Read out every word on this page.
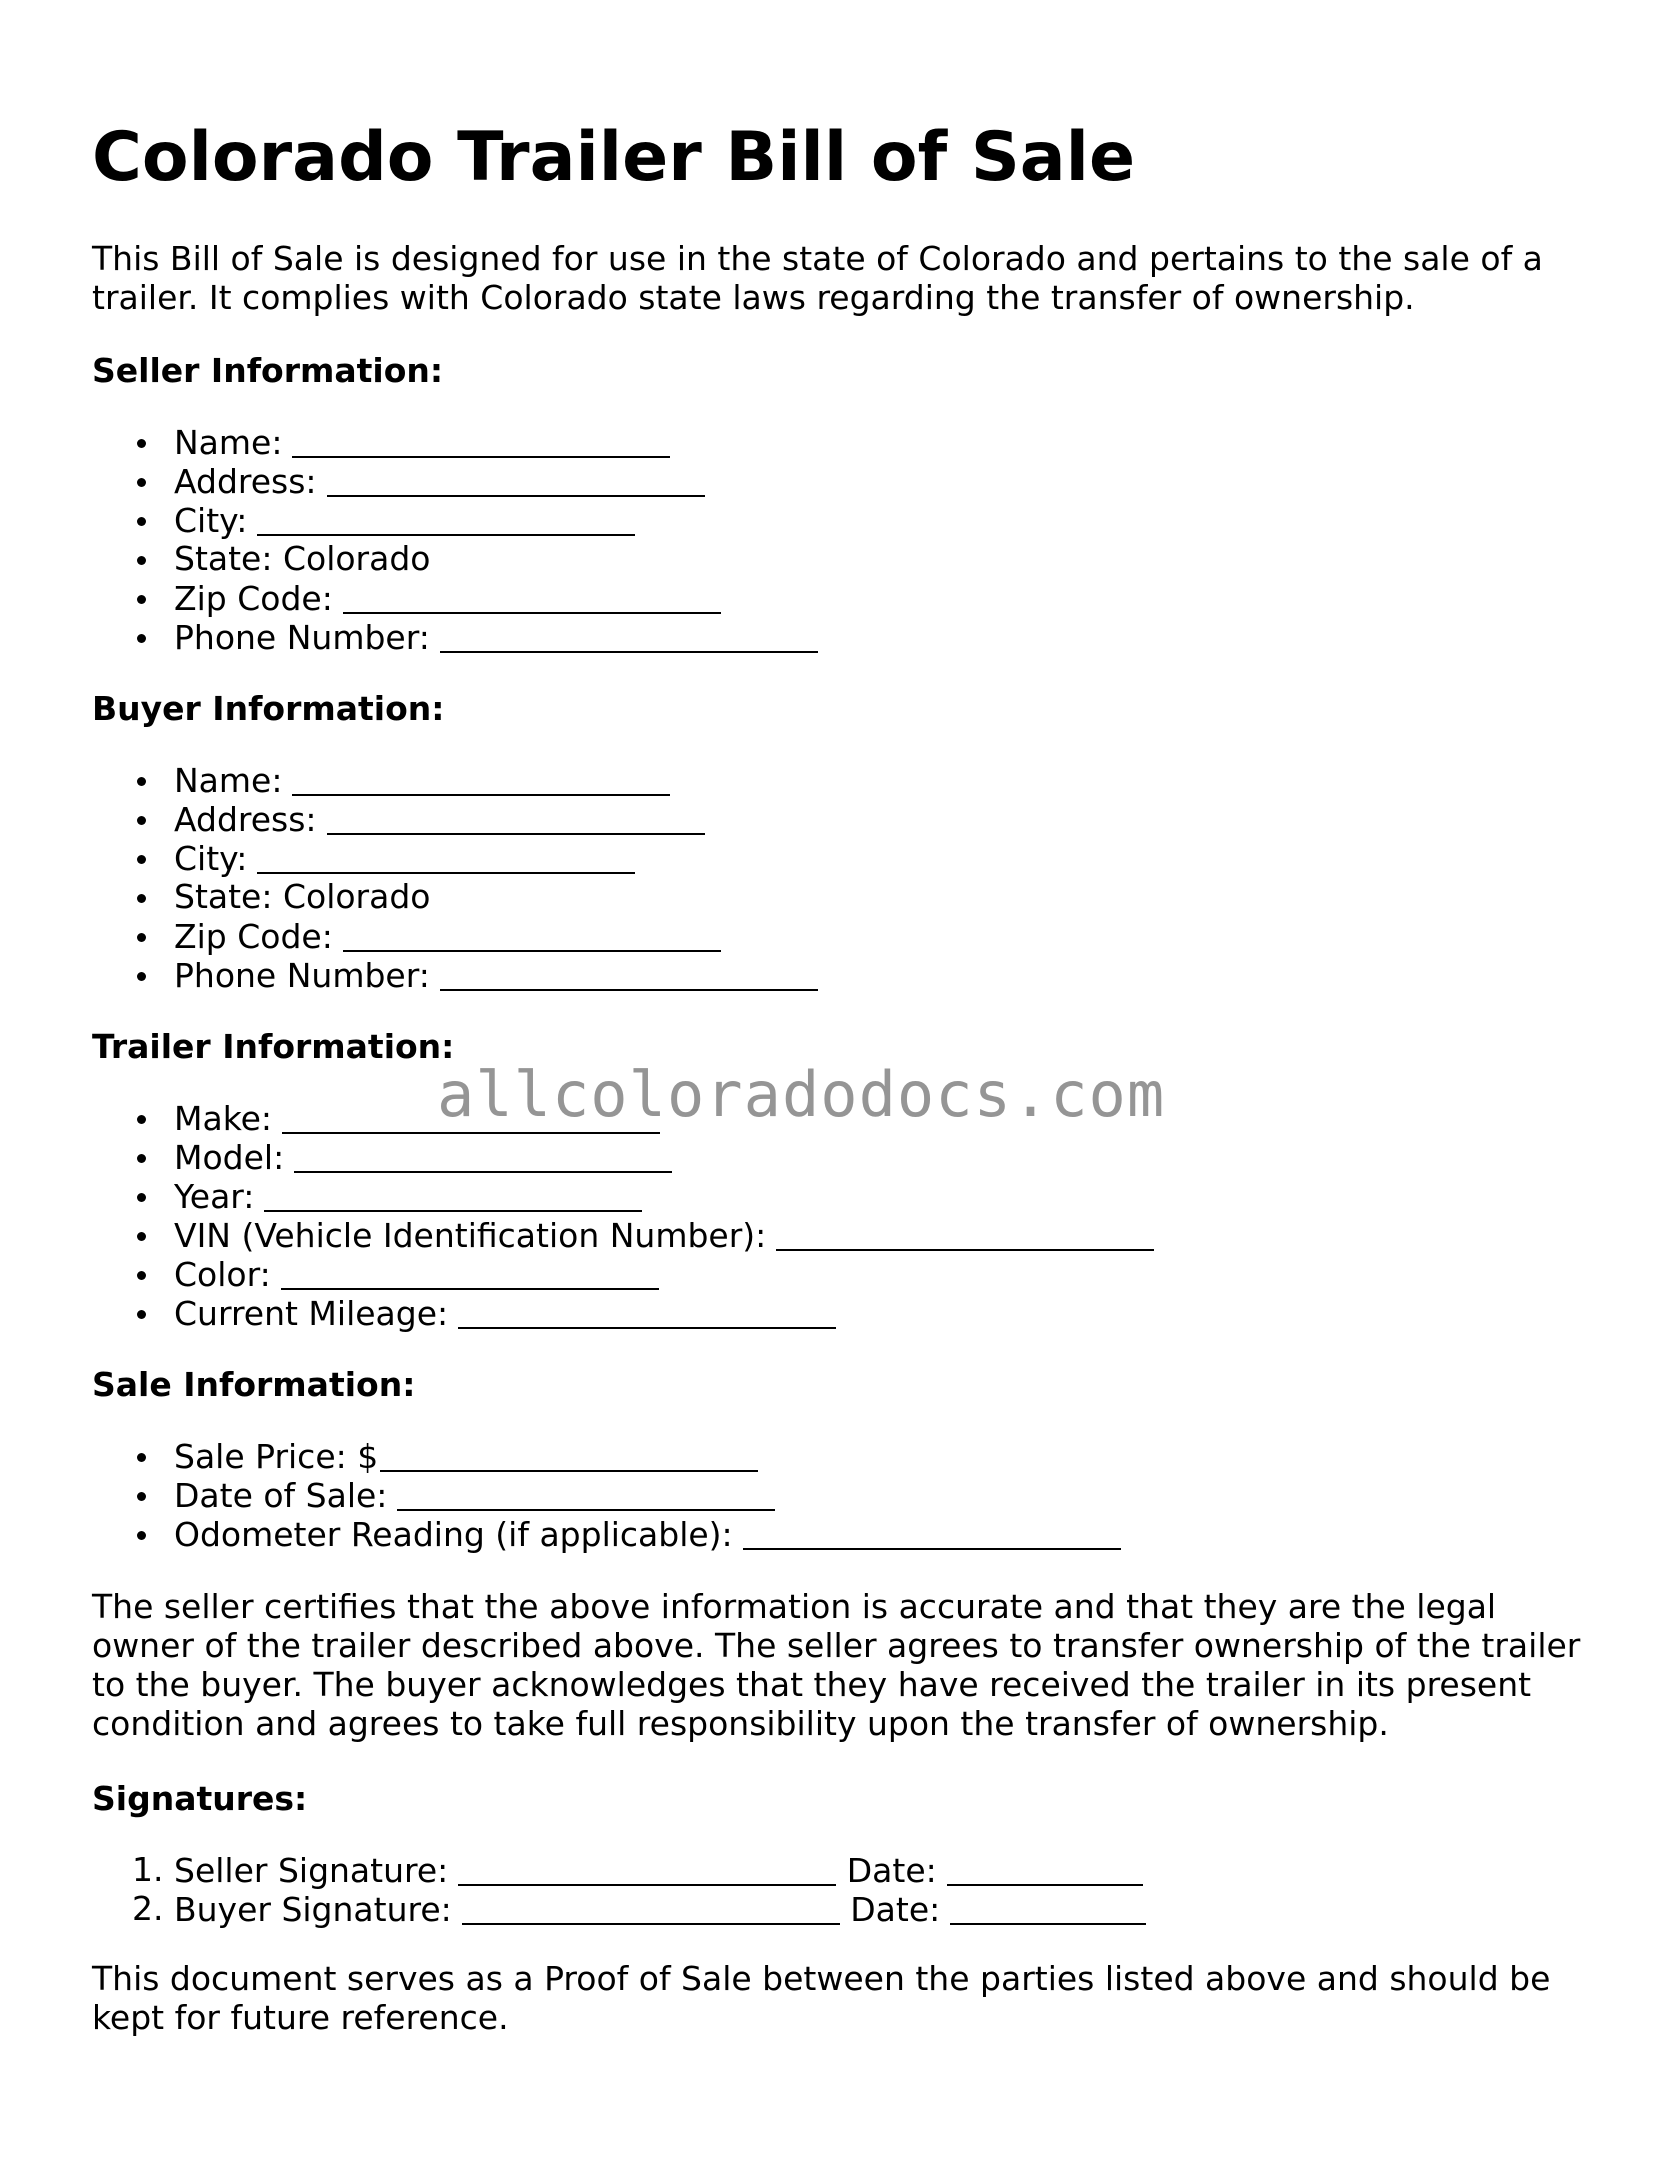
Colorado Trailer Bill of Sale

This Bill of Sale is designed for use in the state of Colorado and pertains to the sale of a trailer. It complies with Colorado state laws regarding the transfer of ownership.

Seller Information:

Name:
Address:
City:
State: Colorado
Zip Code:
Phone Number:

Buyer Information:

Name:
Address:
City:
State: Colorado
Zip Code:
Phone Number:

Trailer Information:

Make:
Model:
Year:
VIN (Vehicle Identification Number):
Color:
Current Mileage:

Sale Information:

Sale Price: $
Date of Sale:
Odometer Reading (if applicable):

The seller certifies that the above information is accurate and that they are the legal owner of the trailer described above. The seller agrees to transfer ownership of the trailer to the buyer. The buyer acknowledges that they have received the trailer in its present condition and agrees to take full responsibility upon the transfer of ownership.

Signatures:

1. Seller Signature:	Date:
2. Buyer Signature:	Date:

This document serves as a Proof of Sale between the parties listed above and should be kept for future reference.

allcoloradodocs.com
